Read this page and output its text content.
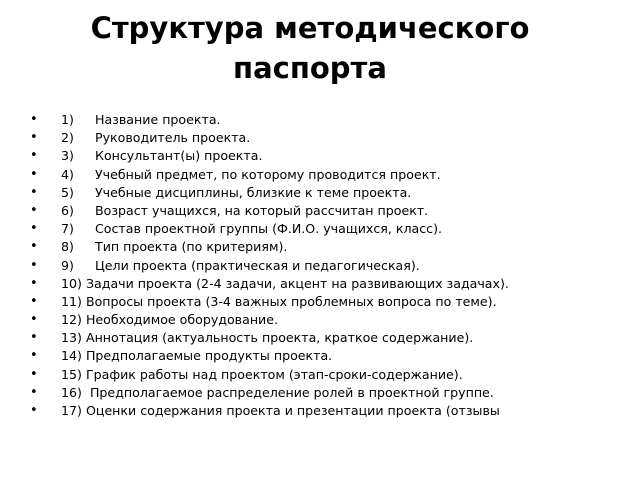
Структура методического
паспорта
• 1) Название проекта.
• 2) Руководитель проекта.
• 3) Консультант(ы) проекта.
• 4) Учебный предмет, по которому проводится проект.
• 5) Учебные дисциплины, близкие к теме проекта.
• 6) Возраст учащихся, на который рассчитан проект.
• 7) Состав проектной группы (Ф.И.О. учащихся, класс).
• 8) Тип проекта (по критериям).
• 9) Цели проекта (практическая и педагогическая).
• 10) Задачи проекта (2-4 задачи, акцент на развивающих задачах).
• 11) Вопросы проекта (3-4 важных проблемных вопроса по теме).
• 12) Необходимое оборудование.
• 13) Аннотация (актуальность проекта, краткое содержание).
• 14) Предполагаемые продукты проекта.
• 15) График работы над проектом (этап-сроки-содержание).
• 16) Предполагаемое распределение ролей в проектной группе.
• 17) Оценки содержания проекта и презентации проекта (отзывы
